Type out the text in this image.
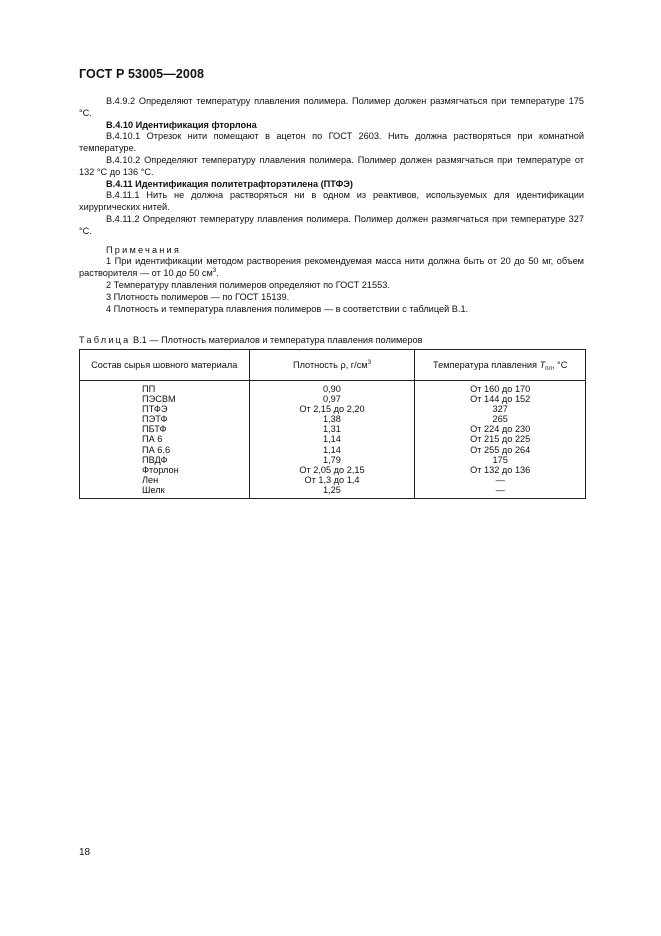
ГОСТ Р 53005—2008

В.4.9.2 Определяют температуру плавления полимера. Полимер должен размягчаться при температуре 175 °С.

В.4.10 Идентификация фторлона

В.4.10.1 Отрезок нити помещают в ацетон по ГОСТ 2603. Нить должна растворяться при комнатной температуре.

В.4.10.2 Определяют температуру плавления полимера. Полимер должен размягчаться при температуре от 132 °С до 136 °С.

В.4.11 Идентификация политетрафторэтилена (ПТФЭ)

В.4.11.1 Нить не должна растворяться ни в одном из реактивов, используемых для идентификации хирургических нитей.

В.4.11.2 Определяют температуру плавления полимера. Полимер должен размягчаться при температуре 327 °С.

Примечания

1 При идентификации методом растворения рекомендуемая масса нити должна быть от 20 до 50 мг, объем растворителя — от 10 до 50 $см^3$.

2 Температуру плавления полимеров определяют по ГОСТ 21553.

3 Плотность полимеров — по ГОСТ 15139.

4 Плотность и температура плавления полимеров — в соответствии с таблицей В.1.

Таблица В.1 — Плотность материалов и температура плавления полимеров
Состав сырья шовного материала	Плотность ρ, $г/см^3$	Температура плавления $T_{пл}$, °С
ПП	0,90	От 160 до 170
ПЭСВМ	0,97	От 144 до 152
ПТФЭ	От 2,15 до 2,20	327
ПЭТФ	1,38	265
ПБТФ	1,31	От 224 до 230
ПА 6	1,14	От 215 до 225
ПА 6.6	1,14	От 255 до 264
ПВДФ	1,79	175
Фторлон	От 2,05 до 2,15	От 132 до 136
Лен	От 1,3 до 1,4	—
Шелк	1,25	—
18
